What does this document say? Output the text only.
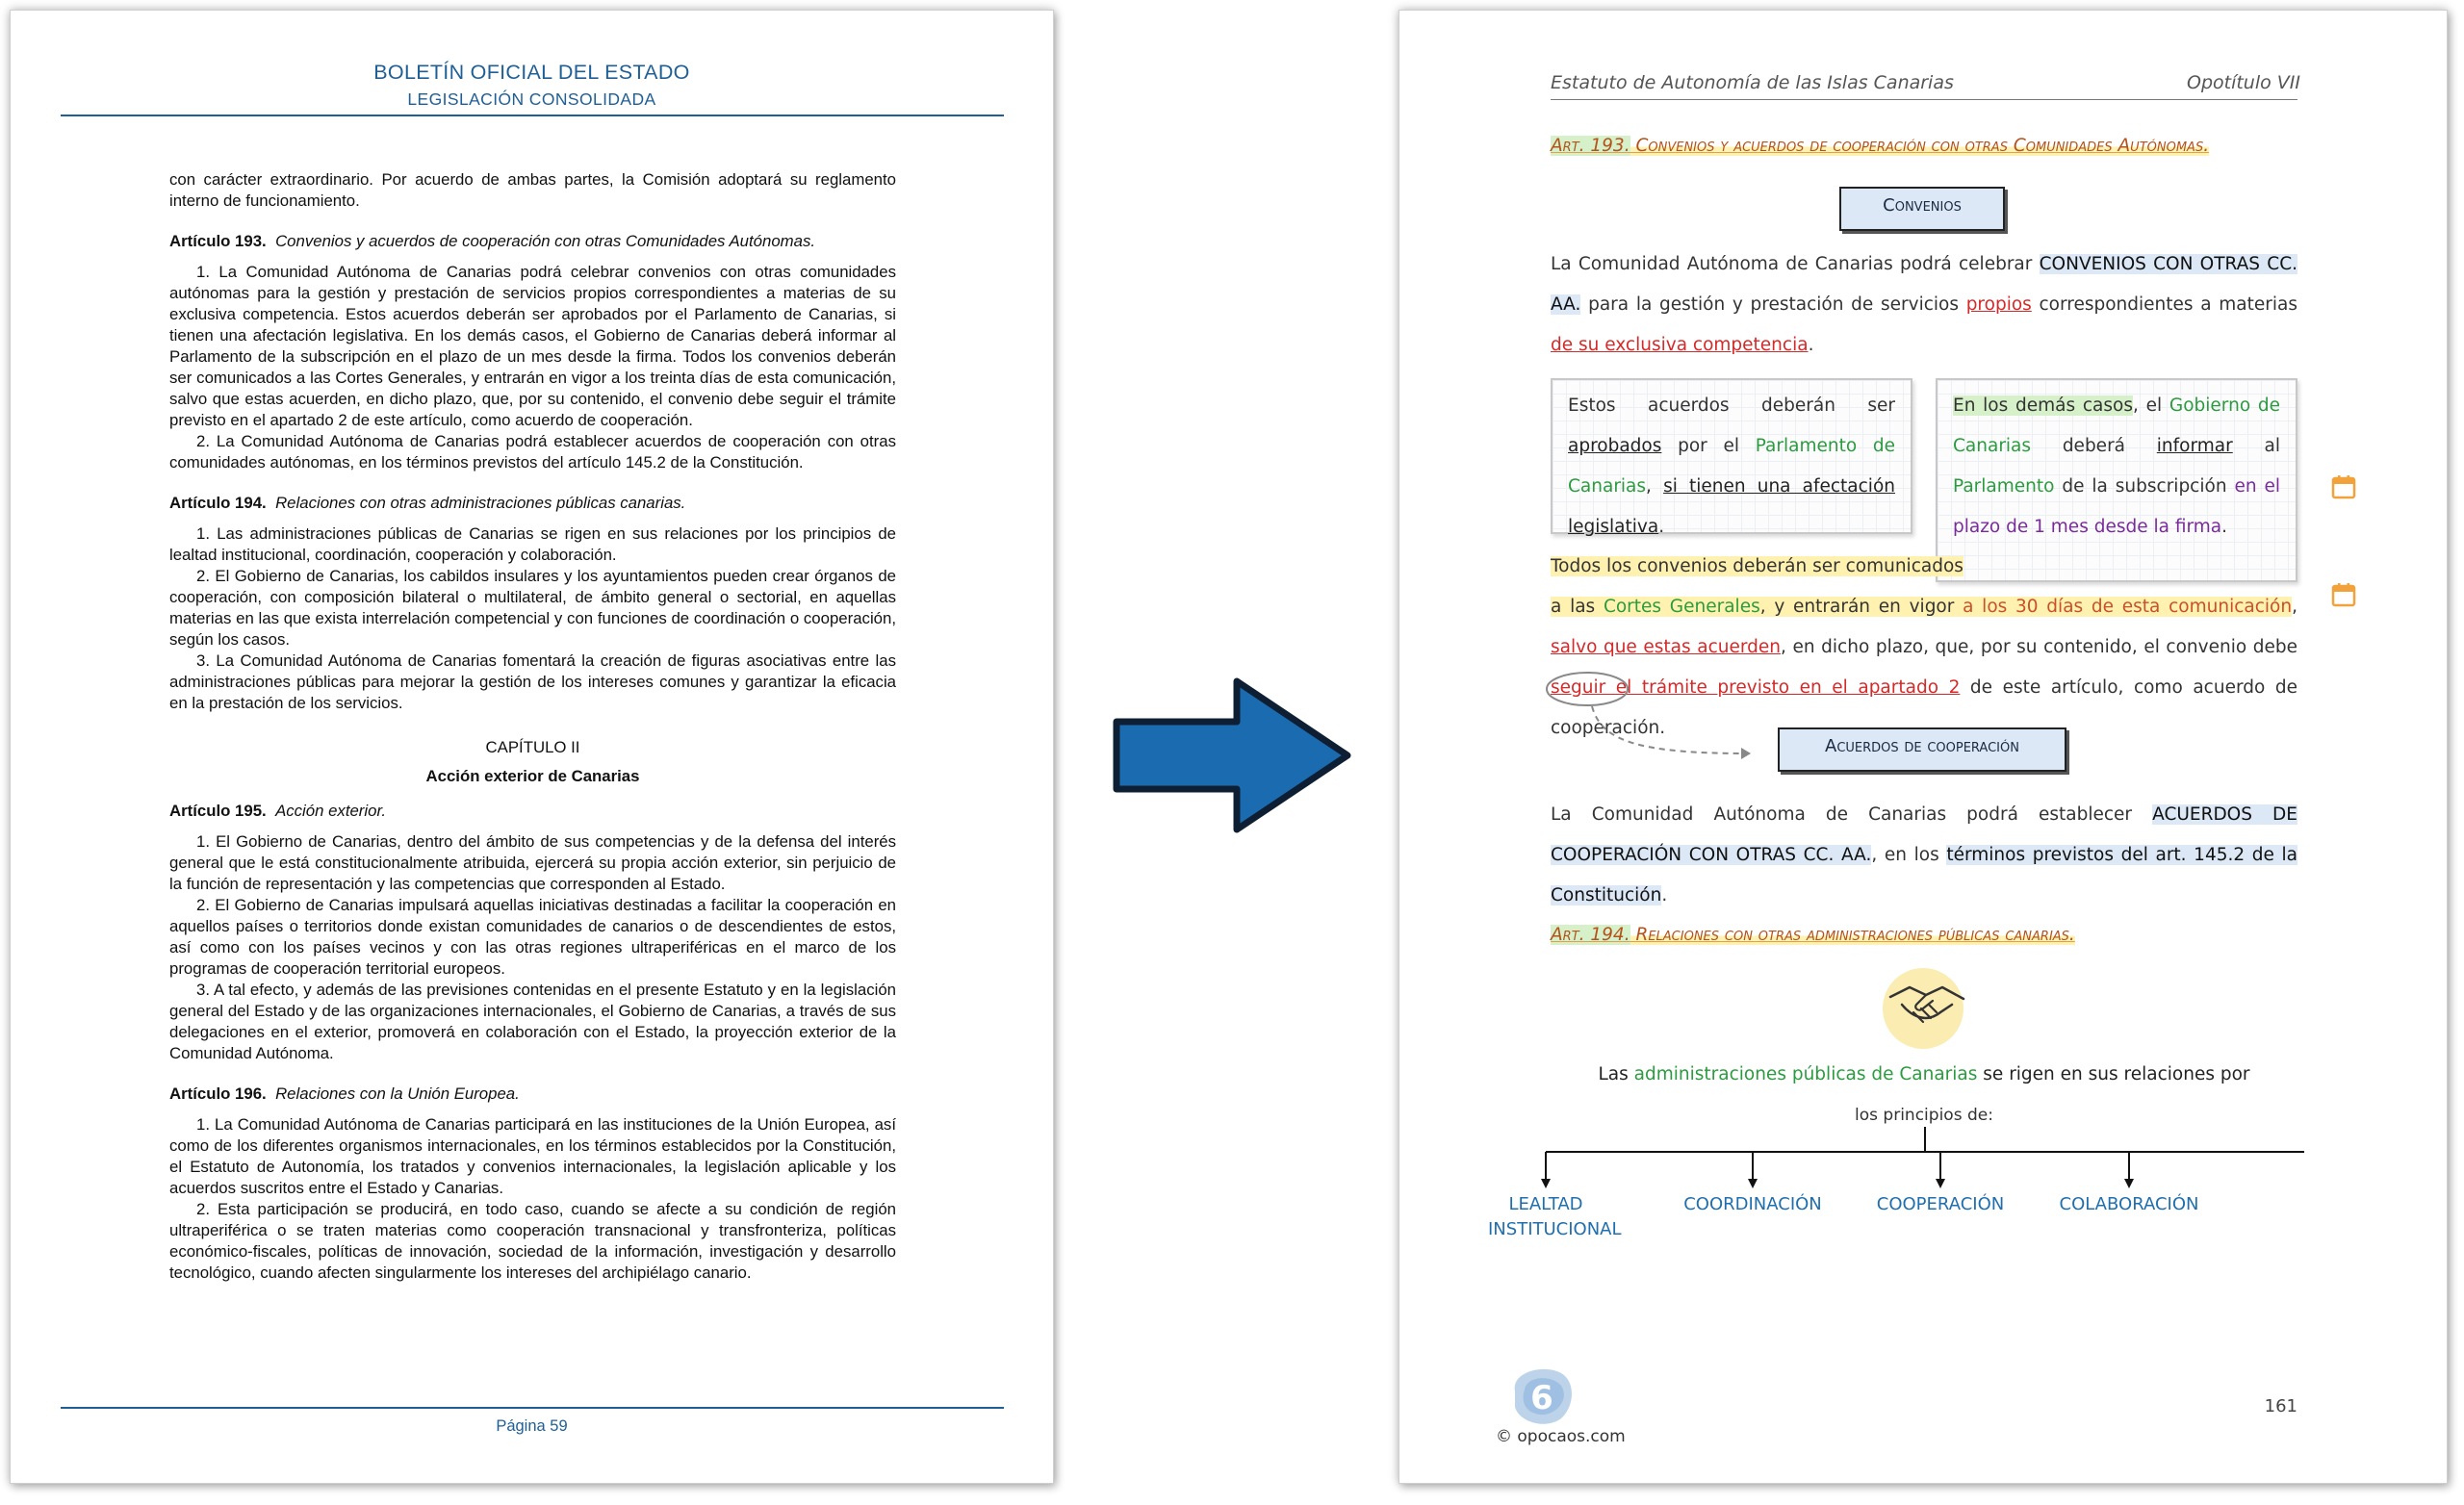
BOLETÍN OFICIAL DEL ESTADO
LEGISLACIÓN CONSOLIDADA

con carácter extraordinario. Por acuerdo de ambas partes, la Comisión adoptará su reglamento interno de funcionamiento.

Artículo 193. Convenios y acuerdos de cooperación con otras Comunidades Autónomas.

1. La Comunidad Autónoma de Canarias podrá celebrar convenios con otras comunidades autónomas para la gestión y prestación de servicios propios correspondientes a materias de su exclusiva competencia. Estos acuerdos deberán ser aprobados por el Parlamento de Canarias, si tienen una afectación legislativa. En los demás casos, el Gobierno de Canarias deberá informar al Parlamento de la subscripción en el plazo de un mes desde la firma. Todos los convenios deberán ser comunicados a las Cortes Generales, y entrarán en vigor a los treinta días de esta comunicación, salvo que estas acuerden, en dicho plazo, que, por su contenido, el convenio debe seguir el trámite previsto en el apartado 2 de este artículo, como acuerdo de cooperación.

2. La Comunidad Autónoma de Canarias podrá establecer acuerdos de cooperación con otras comunidades autónomas, en los términos previstos del artículo 145.2 de la Constitución.

Artículo 194. Relaciones con otras administraciones públicas canarias.

1. Las administraciones públicas de Canarias se rigen en sus relaciones por los principios de lealtad institucional, coordinación, cooperación y colaboración.

2. El Gobierno de Canarias, los cabildos insulares y los ayuntamientos pueden crear órganos de cooperación, con composición bilateral o multilateral, de ámbito general o sectorial, en aquellas materias en las que exista interrelación competencial y con funciones de coordinación o cooperación, según los casos.

3. La Comunidad Autónoma de Canarias fomentará la creación de figuras asociativas entre las administraciones públicas para mejorar la gestión de los intereses comunes y garantizar la eficacia en la prestación de los servicios.

CAPÍTULO II

Acción exterior de Canarias

Artículo 195. Acción exterior.

1. El Gobierno de Canarias, dentro del ámbito de sus competencias y de la defensa del interés general que le está constitucionalmente atribuida, ejercerá su propia acción exterior, sin perjuicio de la función de representación y las competencias que corresponden al Estado.

2. El Gobierno de Canarias impulsará aquellas iniciativas destinadas a facilitar la cooperación en aquellos países o territorios donde existan comunidades de canarios o de descendientes de estos, así como con los países vecinos y con las otras regiones ultraperiféricas en el marco de los programas de cooperación territorial europeos.

3. A tal efecto, y además de las previsiones contenidas en el presente Estatuto y en la legislación general del Estado y de las organizaciones internacionales, el Gobierno de Canarias, a través de sus delegaciones en el exterior, promoverá en colaboración con el Estado, la proyección exterior de la Comunidad Autónoma.

Artículo 196. Relaciones con la Unión Europea.

1. La Comunidad Autónoma de Canarias participará en las instituciones de la Unión Europea, así como de los diferentes organismos internacionales, en los términos establecidos por la Constitución, el Estatuto de Autonomía, los tratados y convenios internacionales, la legislación aplicable y los acuerdos suscritos entre el Estado y Canarias.

2. Esta participación se producirá, en todo caso, cuando se afecte a su condición de región ultraperiférica o se traten materias como cooperación transnacional y transfronteriza, políticas económico-fiscales, políticas de innovación, sociedad de la información, investigación y desarrollo tecnológico, cuando afecten singularmente los intereses del archipiélago canario.

Página 59
Estatuto de Autonomía de las Islas Canarias	Opotítulo VII
Art. 193. Convenios y acuerdos de cooperación con otras Comunidades Autónomas.
Convenios
La Comunidad Autónoma de Canarias podrá celebrar CONVENIOS CON OTRAS CC. AA. para la gestión y prestación de servicios propios correspondientes a materias de su exclusiva competencia.
Estos acuerdos deberán ser aprobados por el Parlamento de Canarias, si tienen una afectación legislativa.
En los demás casos, el Gobierno de Canarias deberá informar al Parlamento de la subscripción en el plazo de 1 mes desde la firma.
Todos los convenios deberán ser comunicados
a las Cortes Generales, y entrarán en vigor a los 30 días de esta comunicación, salvo que estas acuerden, en dicho plazo, que, por su contenido, el convenio debe seguir el trámite previsto en el apartado 2 de este artículo, como acuerdo de cooperación.
Acuerdos de cooperación
La Comunidad Autónoma de Canarias podrá establecer ACUERDOS DE COOPERACIÓN CON OTRAS CC. AA., en los términos previstos del art. 145.2 de la Constitución.
Art. 194. Relaciones con otras administraciones públicas canarias.
Las administraciones públicas de Canarias se rigen en sus relaciones por
los principios de:
LEALTAD INSTITUCIONAL
COORDINACIÓN	COOPERACIÓN	COLABORACIÓN
6
© opocaos.com
161
